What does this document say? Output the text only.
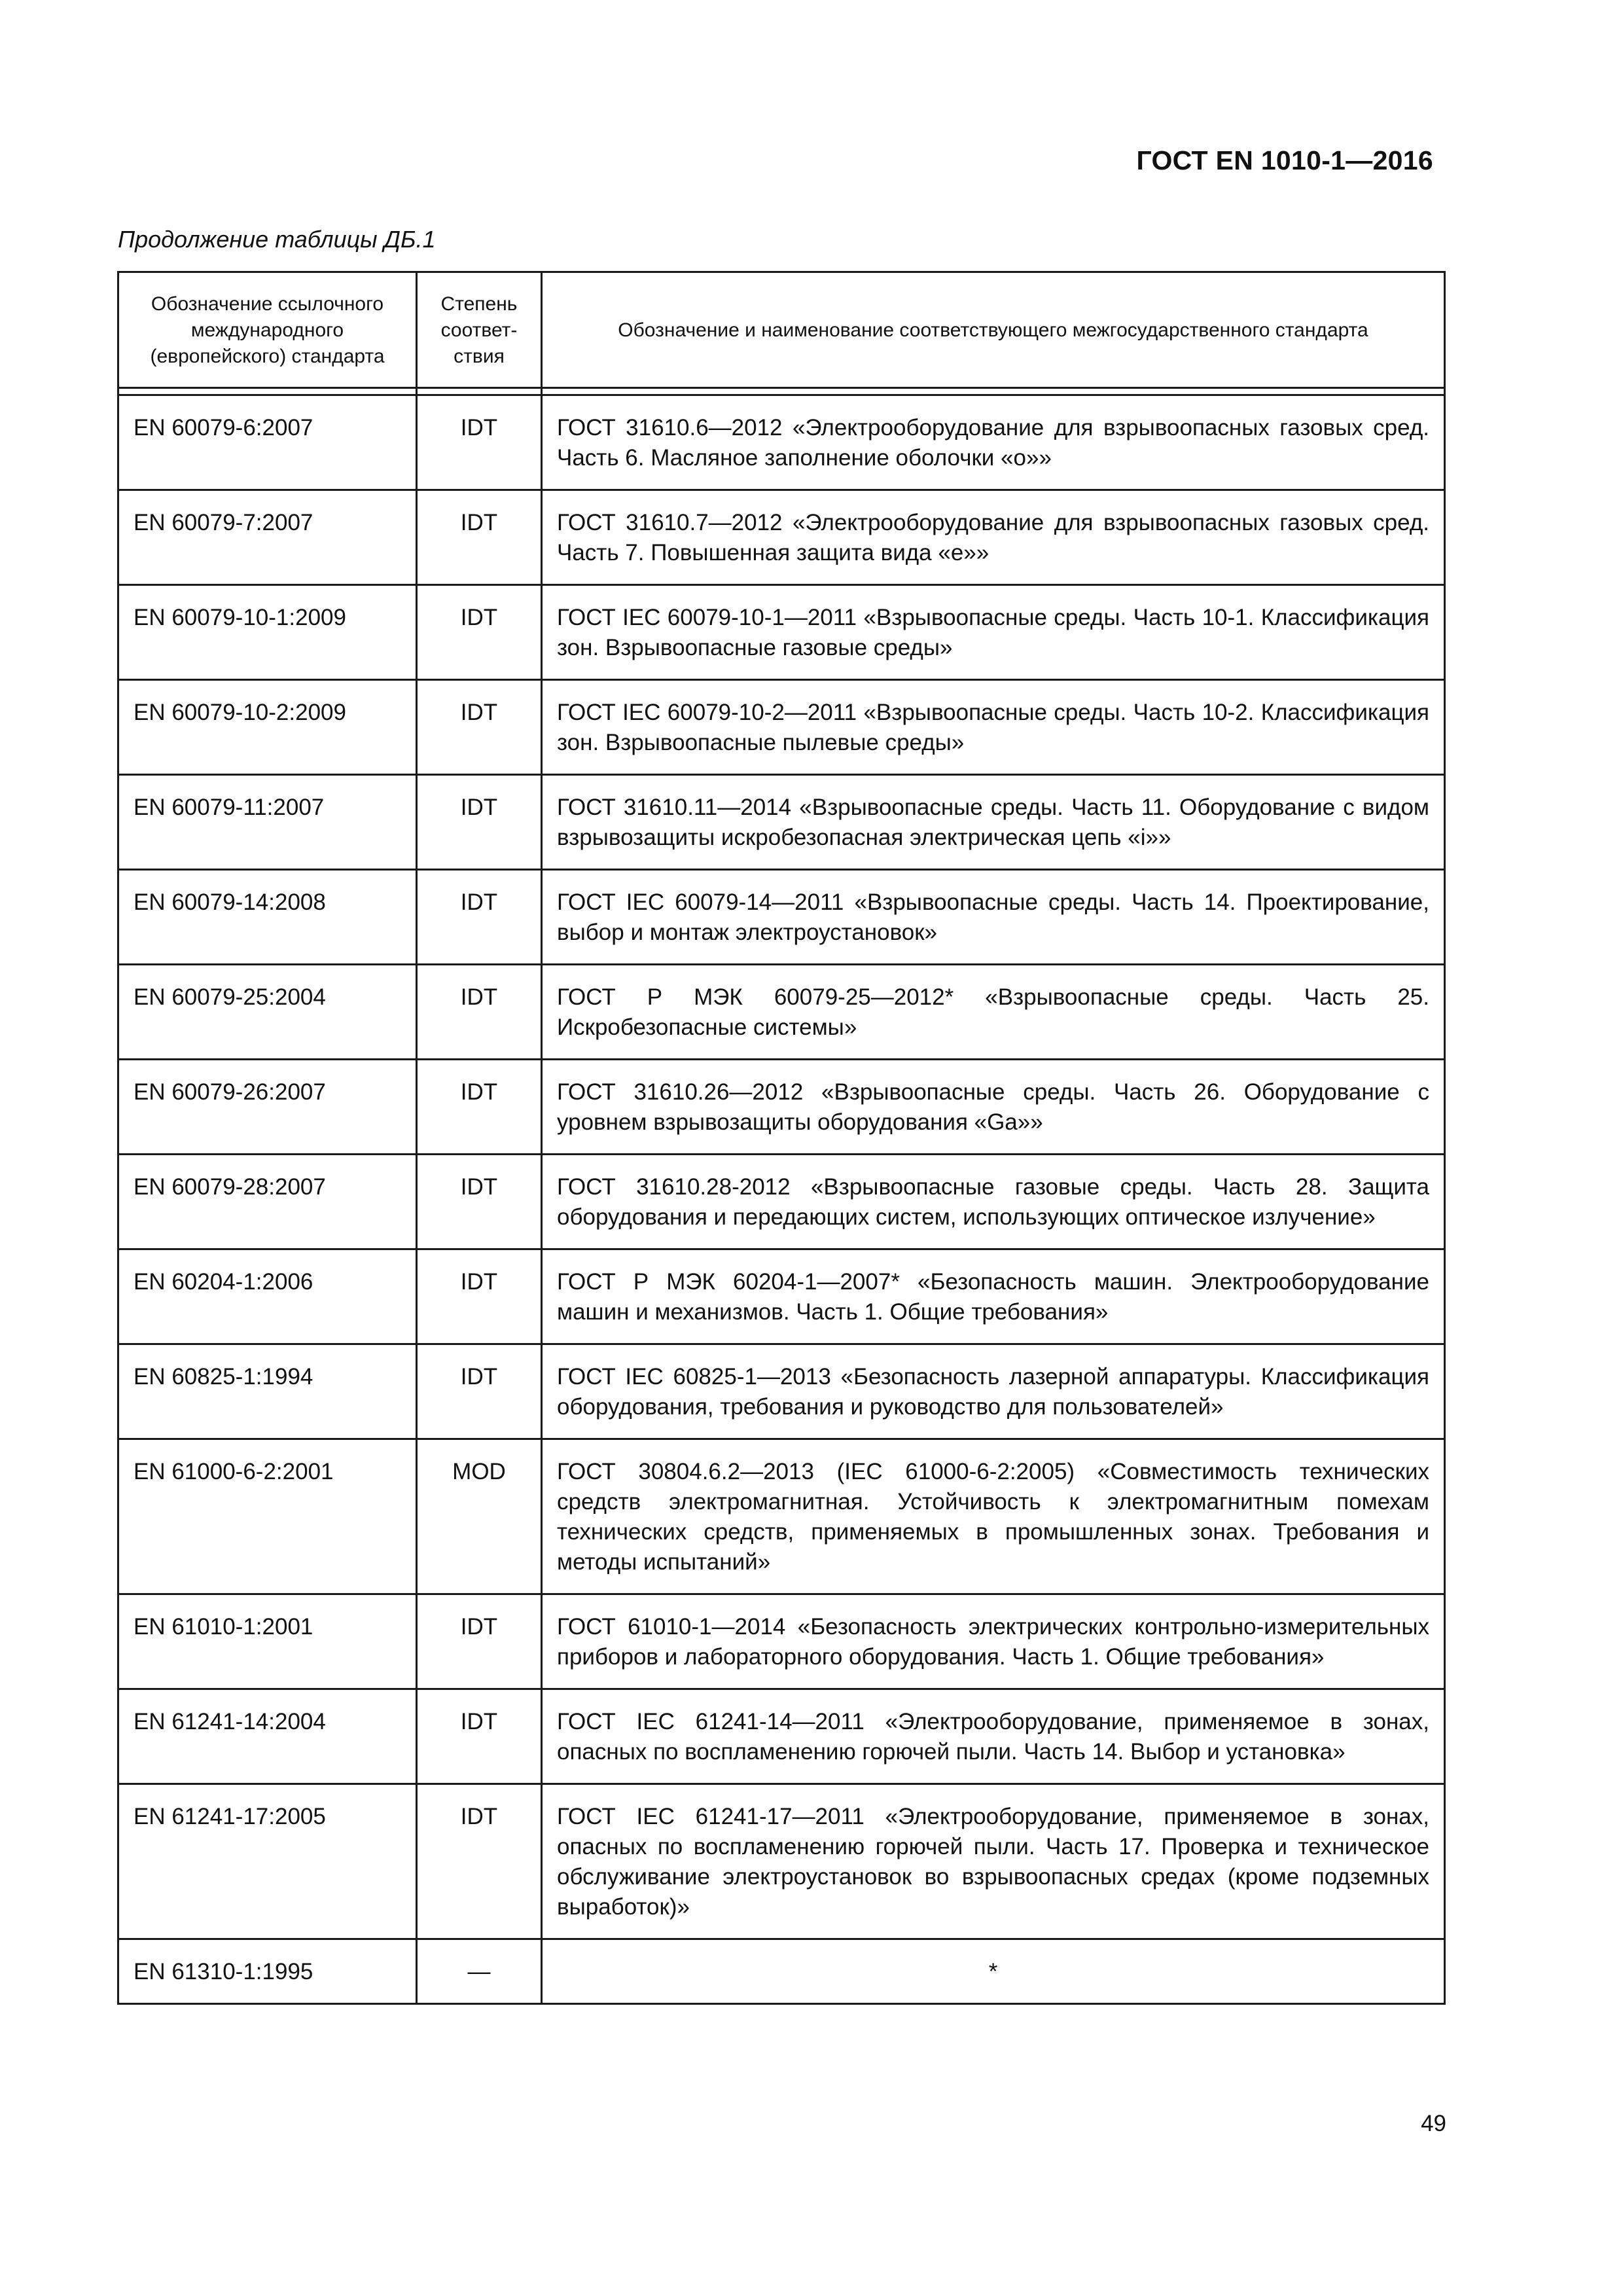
ГОСТ EN 1010-1—2016
Продолжение таблицы ДБ.1
Обозначение ссылочного международного (европейского) стандарта	Степень соответ-ствия	Обозначение и наименование соответствующего межгосударственного стандарта

EN 60079-6:2007	IDT	ГОСТ 31610.6—2012 «Электрооборудование для взрывоопасных газовых сред. Часть 6. Масляное заполнение оболочки «о»»
EN 60079-7:2007	IDT	ГОСТ 31610.7—2012 «Электрооборудование для взрывоопасных газовых сред. Часть 7. Повышенная защита вида «е»»
EN 60079-10-1:2009	IDT	ГОСТ IEC 60079-10-1—2011 «Взрывоопасные среды. Часть 10-1. Классификация зон. Взрывоопасные газовые среды»
EN 60079-10-2:2009	IDT	ГОСТ IEC 60079-10-2—2011 «Взрывоопасные среды. Часть 10-2. Классификация зон. Взрывоопасные пылевые среды»
EN 60079-11:2007	IDT	ГОСТ 31610.11—2014 «Взрывоопасные среды. Часть 11. Оборудование с видом взрывозащиты искробезопасная электрическая цепь «i»»
EN 60079-14:2008	IDT	ГОСТ IEC 60079-14—2011 «Взрывоопасные среды. Часть 14. Проектирование, выбор и монтаж электроустановок»
EN 60079-25:2004	IDT	ГОСТ Р МЭК 60079-25—2012* «Взрывоопасные среды. Часть 25. Искробезопасные системы»
EN 60079-26:2007	IDT	ГОСТ 31610.26—2012 «Взрывоопасные среды. Часть 26. Оборудование с уровнем взрывозащиты оборудования «Ga»»
EN 60079-28:2007	IDT	ГОСТ 31610.28-2012 «Взрывоопасные газовые среды. Часть 28. Защита оборудования и передающих систем, использующих оптическое излучение»
EN 60204-1:2006	IDT	ГОСТ Р МЭК 60204-1—2007* «Безопасность машин. Электрооборудование машин и механизмов. Часть 1. Общие требования»
EN 60825-1:1994	IDT	ГОСТ IEC 60825-1—2013 «Безопасность лазерной аппаратуры. Классификация оборудования, требования и руководство для пользователей»
EN 61000-6-2:2001	MOD	ГОСТ 30804.6.2—2013 (IEC 61000-6-2:2005) «Совместимость технических средств электромагнитная. Устойчивость к электромагнитным помехам технических средств, применяемых в промышленных зонах. Требования и методы испытаний»
EN 61010-1:2001	IDT	ГОСТ 61010-1—2014 «Безопасность электрических контрольно-измерительных приборов и лабораторного оборудования. Часть 1. Общие требования»
EN 61241-14:2004	IDT	ГОСТ IEC 61241-14—2011 «Электрооборудование, применяемое в зонах, опасных по воспламенению горючей пыли. Часть 14. Выбор и установка»
EN 61241-17:2005	IDT	ГОСТ IEC 61241-17—2011 «Электрооборудование, применяемое в зонах, опасных по воспламенению горючей пыли. Часть 17. Проверка и техническое обслуживание электроустановок во взрывоопасных средах (кроме подземных выработок)»
EN 61310-1:1995	—	*
49
